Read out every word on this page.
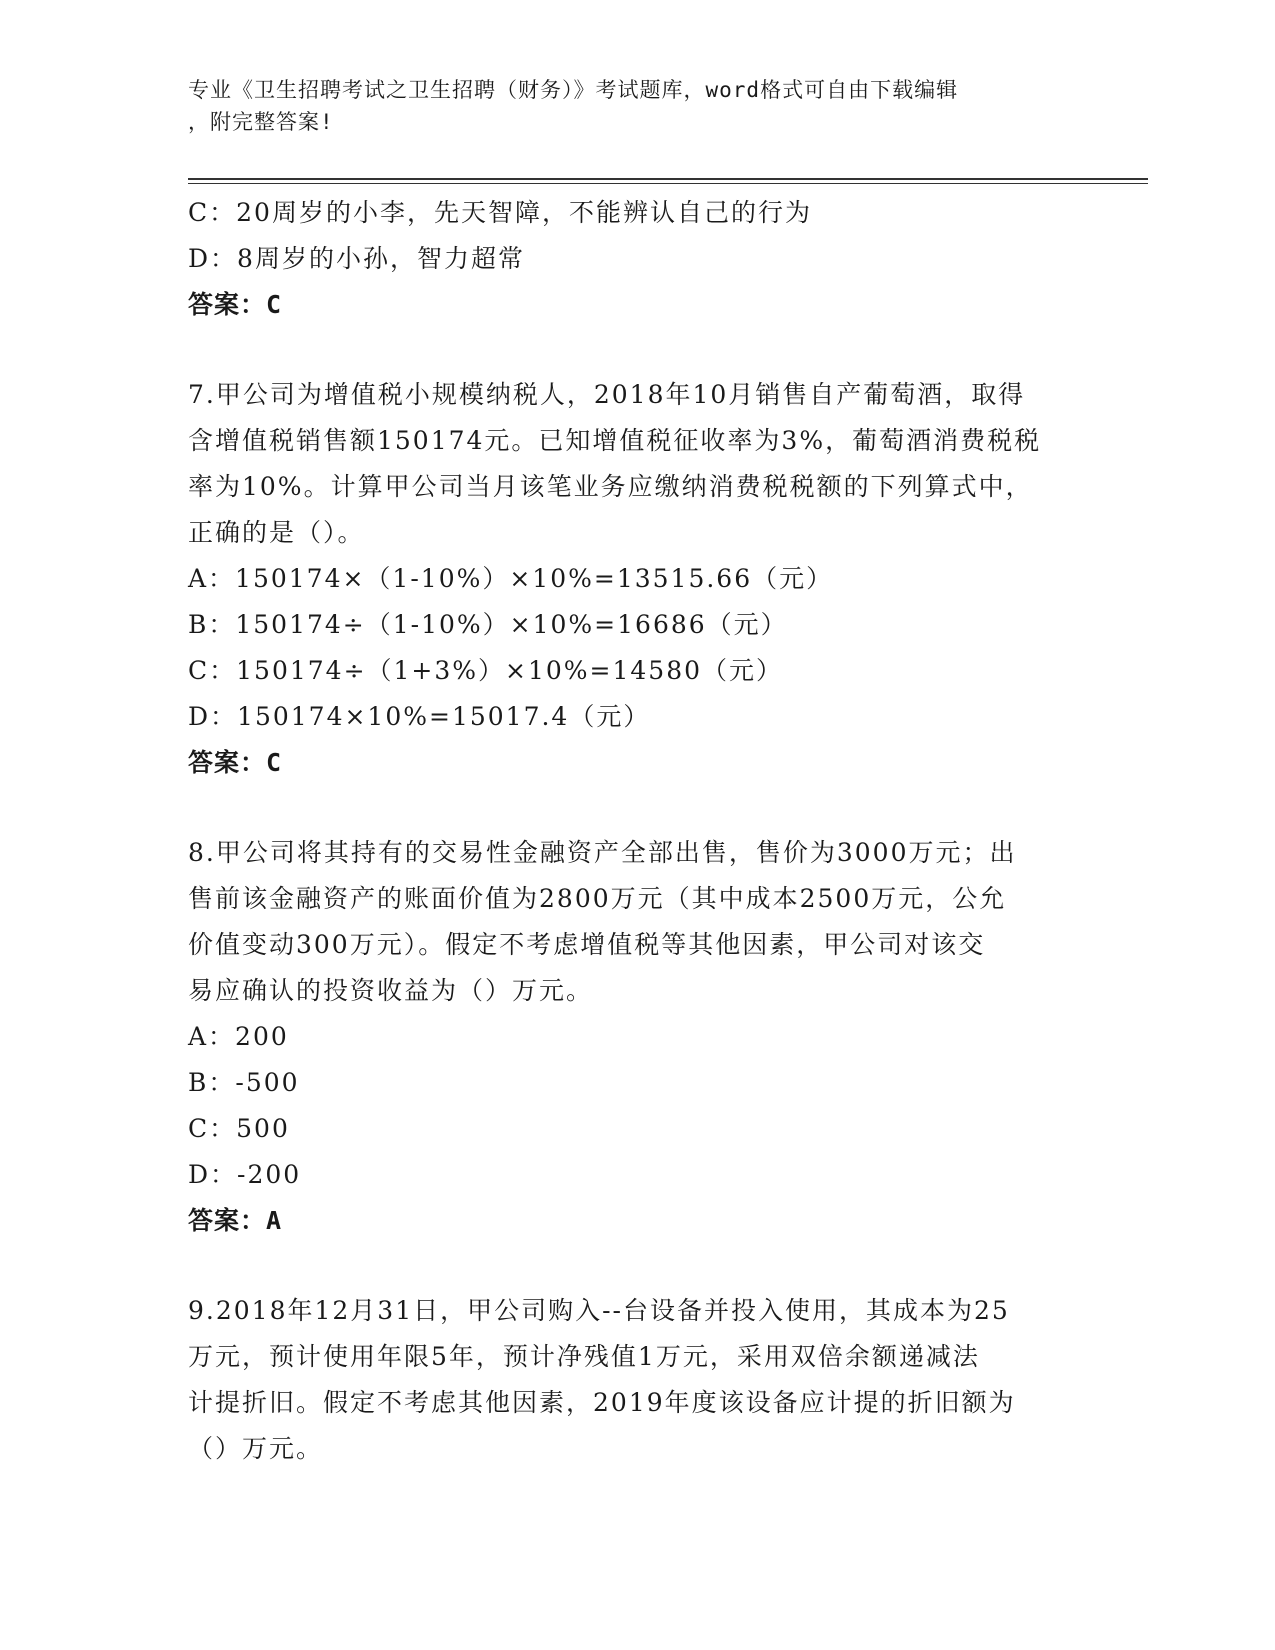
专业《卫生招聘考试之卫生招聘（财务）》考试题库，word格式可自由下载编辑
，附完整答案!
C：20周岁的小李，先天智障，不能辨认自己的行为
D：8周岁的小孙，智力超常
答案：C
7.甲公司为增值税小规模纳税人，2018年10月销售自产葡萄酒，取得
含增值税销售额150174元。已知增值税征收率为3%，葡萄酒消费税税
率为10%。计算甲公司当月该笔业务应缴纳消费税税额的下列算式中，
正确的是（）。
A：150174×（1-10%）×10%=13515.66（元）
B：150174÷（1-10%）×10%=16686（元）
C：150174÷（1+3%）×10%=14580（元）
D：150174×10%=15017.4（元）
答案：C
8.甲公司将其持有的交易性金融资产全部出售，售价为3000万元；出
售前该金融资产的账面价值为2800万元（其中成本2500万元，公允
价值变动300万元）。假定不考虑增值税等其他因素，甲公司对该交
易应确认的投资收益为（）万元。
A：200
B：-500
C：500
D：-200
答案：A
9.2018年12月31日，甲公司购入--台设备并投入使用，其成本为25
万元，预计使用年限5年，预计净残值1万元，采用双倍余额递减法
计提折旧。假定不考虑其他因素，2019年度该设备应计提的折旧额为
（）万元。
